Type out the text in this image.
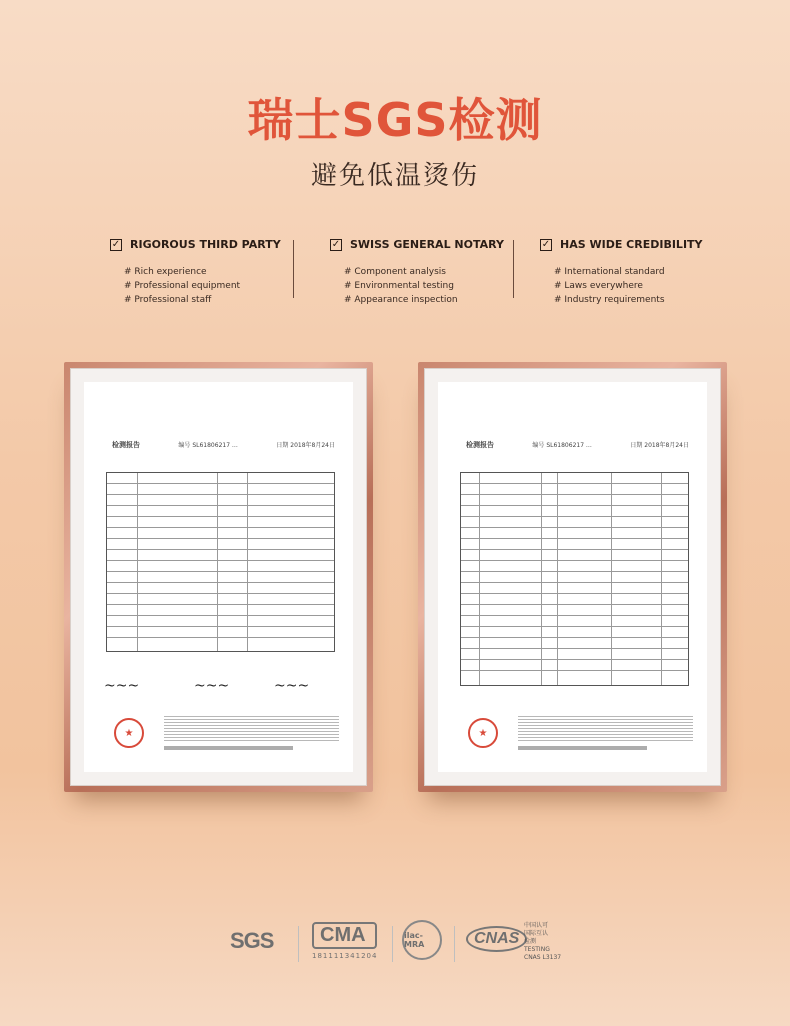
瑞士SGS检测
避免低温烫伤
✓ RIGOROUS THIRD PARTY
# Rich experience
# Professional equipment
# Professional staff
✓ SWISS GENERAL NOTARY
# Component analysis
# Environmental testing
# Appearance inspection
✓ HAS WIDE CREDIBILITY
# International standard
# Laws everywhere
# Industry requirements
检测报告	编号 SL61806217 …	日期 2018年8月24日
~~~	~~~	~~~
★
检测报告	编号 SL61806217 …	日期 2018年8月24日
★
SGS	CMA
181111341204
ilac-MRA	CNAS
中国认可
国际互认
检测
TESTING
CNAS L3137
